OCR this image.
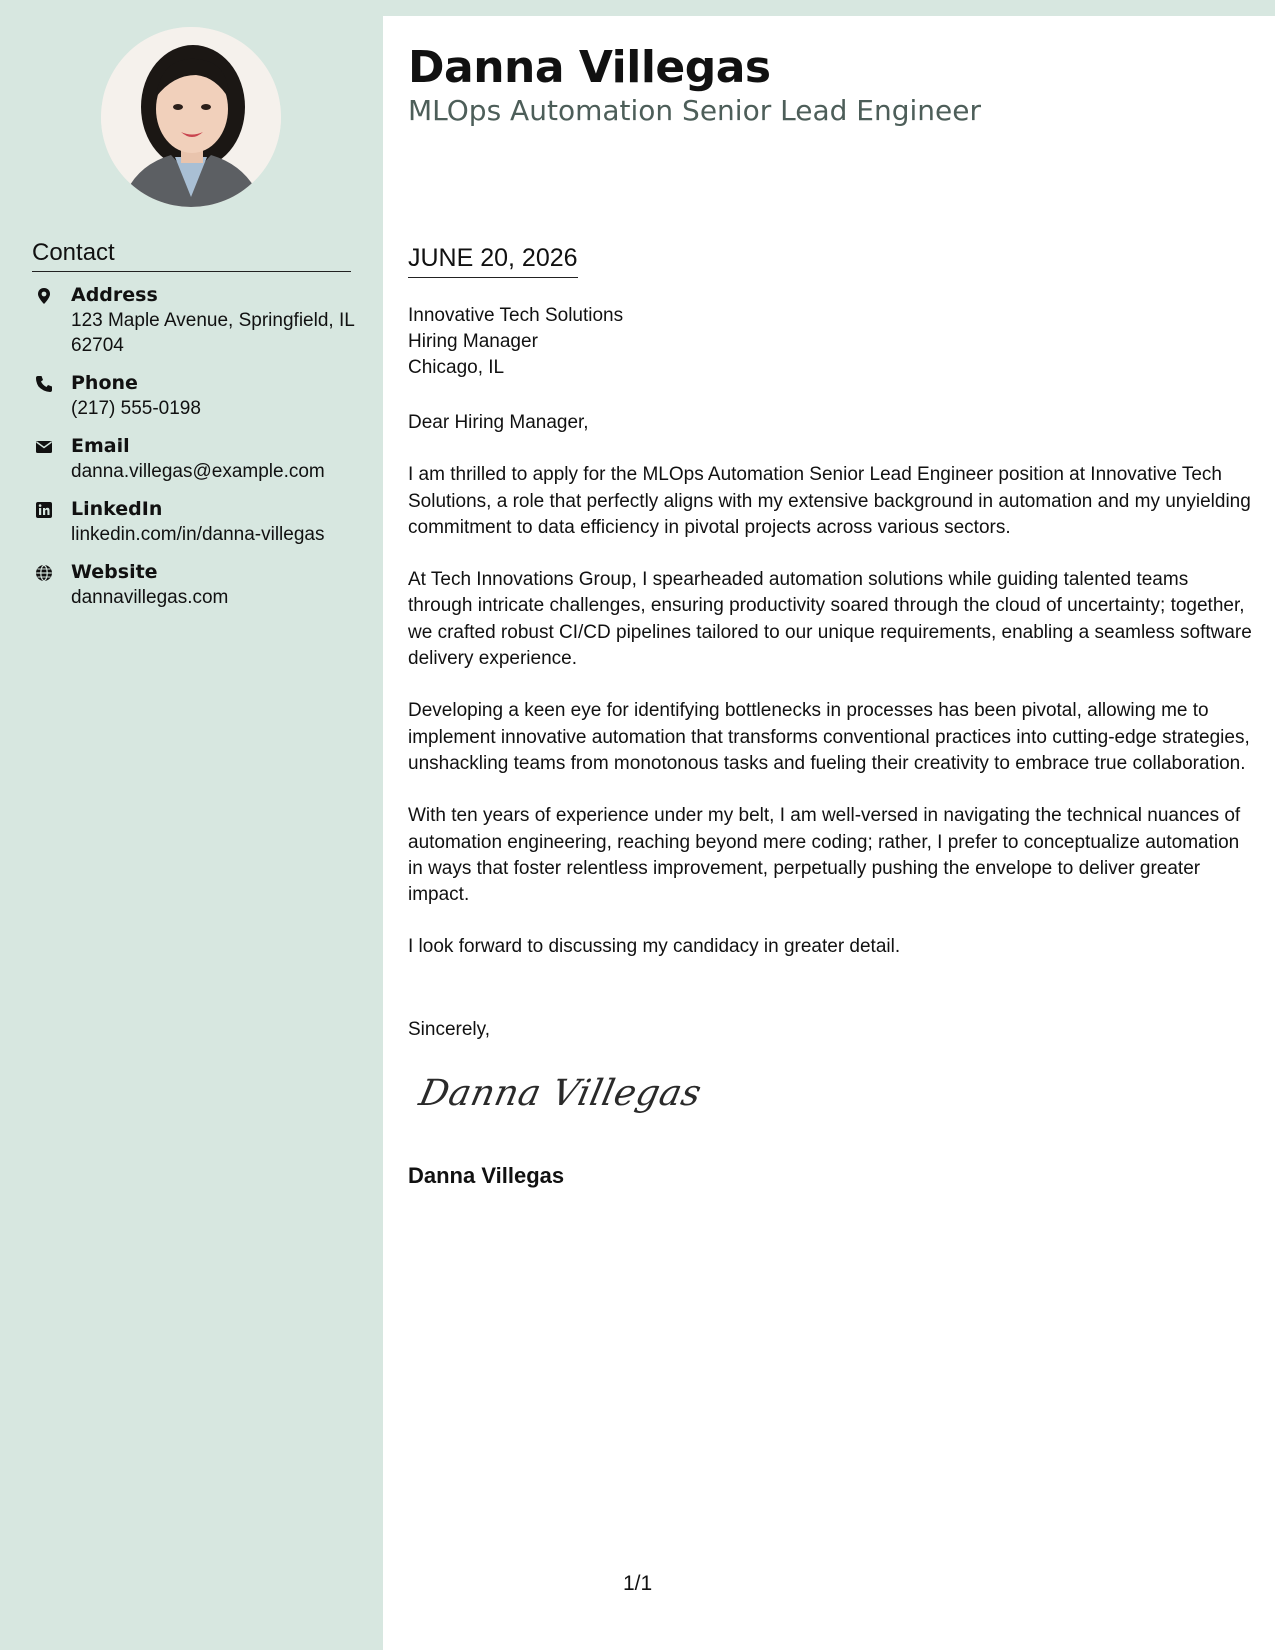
Contact
Address
123 Maple Avenue, Springfield, IL 62704
Phone
(217) 555-0198
Email
danna.villegas@example.com
LinkedIn
linkedin.com/in/danna-villegas
Website
dannavillegas.com
Danna Villegas
MLOps Automation Senior Lead Engineer
JUNE 20, 2026
Innovative Tech Solutions
Hiring Manager
Chicago, IL

Dear Hiring Manager,

I am thrilled to apply for the MLOps Automation Senior Lead Engineer position at Innovative Tech Solutions, a role that perfectly aligns with my extensive background in automation and my unyielding commitment to data efficiency in pivotal projects across various sectors.

At Tech Innovations Group, I spearheaded automation solutions while guiding talented teams through intricate challenges, ensuring productivity soared through the cloud of uncertainty; together, we crafted robust CI/CD pipelines tailored to our unique requirements, enabling a seamless software delivery experience.

Developing a keen eye for identifying bottlenecks in processes has been pivotal, allowing me to implement innovative automation that transforms conventional practices into cutting-edge strategies, unshackling teams from monotonous tasks and fueling their creativity to embrace true collaboration.

With ten years of experience under my belt, I am well-versed in navigating the technical nuances of automation engineering, reaching beyond mere coding; rather, I prefer to conceptualize automation in ways that foster relentless improvement, perpetually pushing the envelope to deliver greater impact.

I look forward to discussing my candidacy in greater detail.

Sincerely,
Danna Villegas
Danna Villegas
1/1
